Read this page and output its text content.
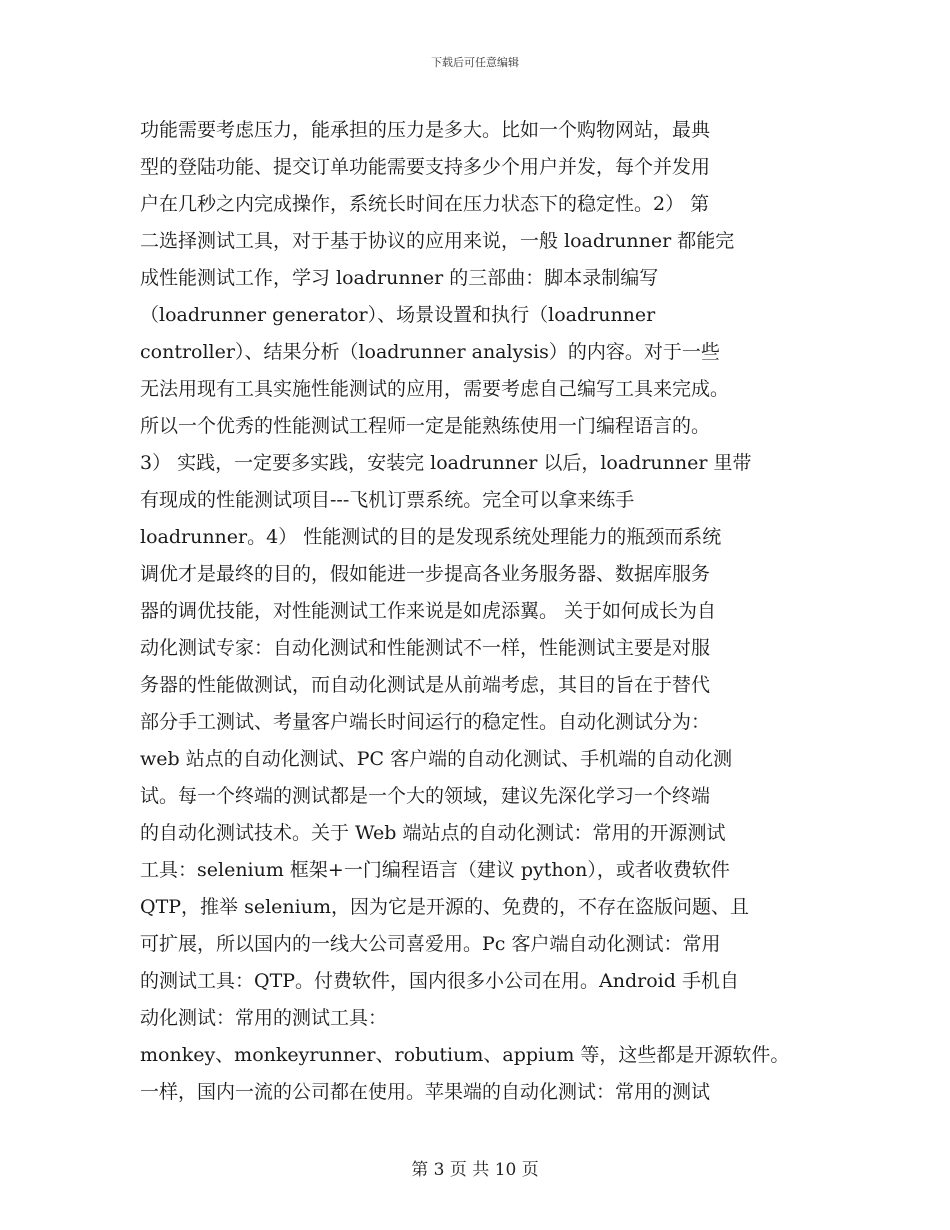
下载后可任意编辑
功能需要考虑压力，能承担的压力是多大。比如一个购物网站，最典
型的登陆功能、提交订单功能需要支持多少个用户并发，每个并发用
户在几秒之内完成操作，系统长时间在压力状态下的稳定性。2） 第
二选择测试工具，对于基于协议的应用来说，一般 loadrunner 都能完
成性能测试工作，学习 loadrunner 的三部曲：脚本录制编写
（loadrunner generator）、场景设置和执行（loadrunner
controller）、结果分析（loadrunner analysis）的内容。对于一些
无法用现有工具实施性能测试的应用，需要考虑自己编写工具来完成。
所以一个优秀的性能测试工程师一定是能熟练使用一门编程语言的。
3） 实践，一定要多实践，安装完 loadrunner 以后，loadrunner 里带
有现成的性能测试项目---飞机订票系统。完全可以拿来练手
loadrunner。4） 性能测试的目的是发现系统处理能力的瓶颈而系统
调优才是最终的目的，假如能进一步提高各业务服务器、数据库服务
器的调优技能，对性能测试工作来说是如虎添翼。 关于如何成长为自
动化测试专家：自动化测试和性能测试不一样，性能测试主要是对服
务器的性能做测试，而自动化测试是从前端考虑，其目的旨在于替代
部分手工测试、考量客户端长时间运行的稳定性。自动化测试分为：
web 站点的自动化测试、PC 客户端的自动化测试、手机端的自动化测
试。每一个终端的测试都是一个大的领域，建议先深化学习一个终端
的自动化测试技术。关于 Web 端站点的自动化测试：常用的开源测试
工具：selenium 框架+一门编程语言（建议 python），或者收费软件
QTP，推举 selenium，因为它是开源的、免费的，不存在盗版问题、且
可扩展，所以国内的一线大公司喜爱用。Pc 客户端自动化测试：常用
的测试工具：QTP。付费软件，国内很多小公司在用。Android 手机自
动化测试：常用的测试工具：
monkey、monkeyrunner、robutium、appium 等，这些都是开源软件。
一样，国内一流的公司都在使用。苹果端的自动化测试：常用的测试
第 3 页 共 10 页
